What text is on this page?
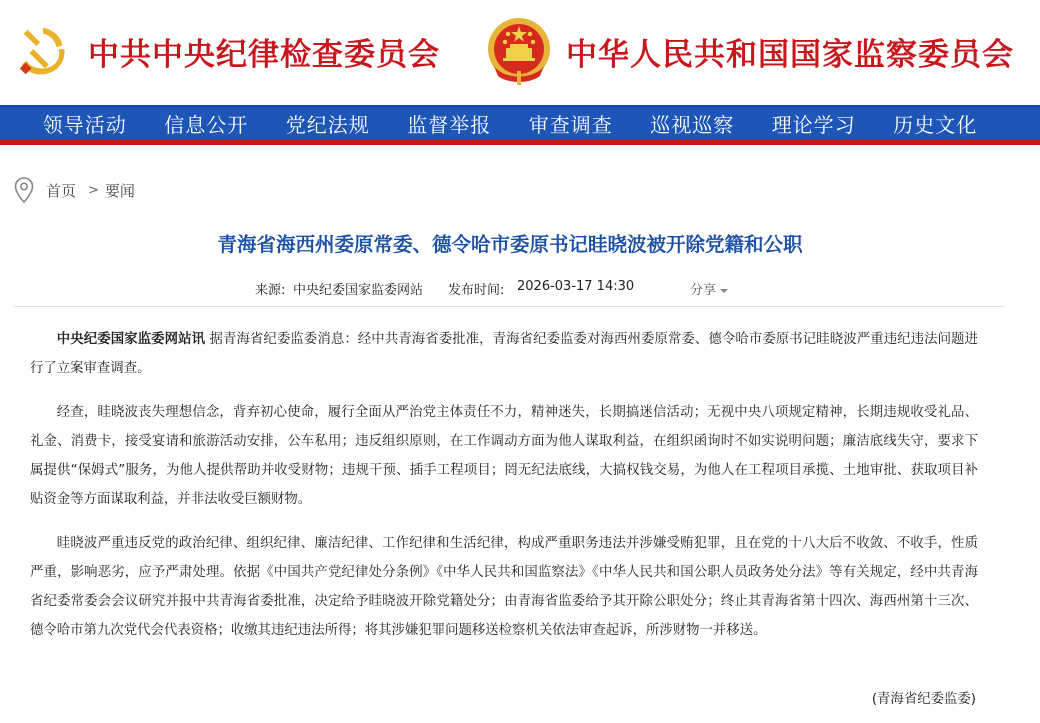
中共中央纪律检查委员会	中华人民共和国国家监察委员会
领导活动	信息公开	党纪法规	监督举报	审查调查	巡视巡察	理论学习	历史文化
首页 > 要闻
青海省海西州委原常委、德令哈市委原书记眭晓波被开除党籍和公职
来源: 中央纪委国家监委网站 发布时间: 2026-03-17 14:30	分享

中央纪委国家监委网站讯 据青海省纪委监委消息：经中共青海省委批准，青海省纪委监委对海西州委原常委、德令哈市委原书记眭晓波严重违纪违法问题进行了立案审查调查。

经查，眭晓波丧失理想信念，背弃初心使命，履行全面从严治党主体责任不力，精神迷失，长期搞迷信活动；无视中央八项规定精神，长期违规收受礼品、礼金、消费卡，接受宴请和旅游活动安排，公车私用；违反组织原则，在工作调动方面为他人谋取利益，在组织函询时不如实说明问题；廉洁底线失守，要求下属提供“保姆式”服务，为他人提供帮助并收受财物；违规干预、插手工程项目；罔无纪法底线，大搞权钱交易，为他人在工程项目承揽、土地审批、获取项目补贴资金等方面谋取利益，并非法收受巨额财物。

眭晓波严重违反党的政治纪律、组织纪律、廉洁纪律、工作纪律和生活纪律，构成严重职务违法并涉嫌受贿犯罪，且在党的十八大后不收敛、不收手，性质严重，影响恶劣，应予严肃处理。依据《中国共产党纪律处分条例》《中华人民共和国监察法》《中华人民共和国公职人员政务处分法》等有关规定，经中共青海省纪委常委会会议研究并报中共青海省委批准，决定给予眭晓波开除党籍处分；由青海省监委给予其开除公职处分；终止其青海省第十四次、海西州第十三次、德令哈市第九次党代会代表资格；收缴其违纪违法所得；将其涉嫌犯罪问题移送检察机关依法审查起诉，所涉财物一并移送。

(青海省纪委监委)
